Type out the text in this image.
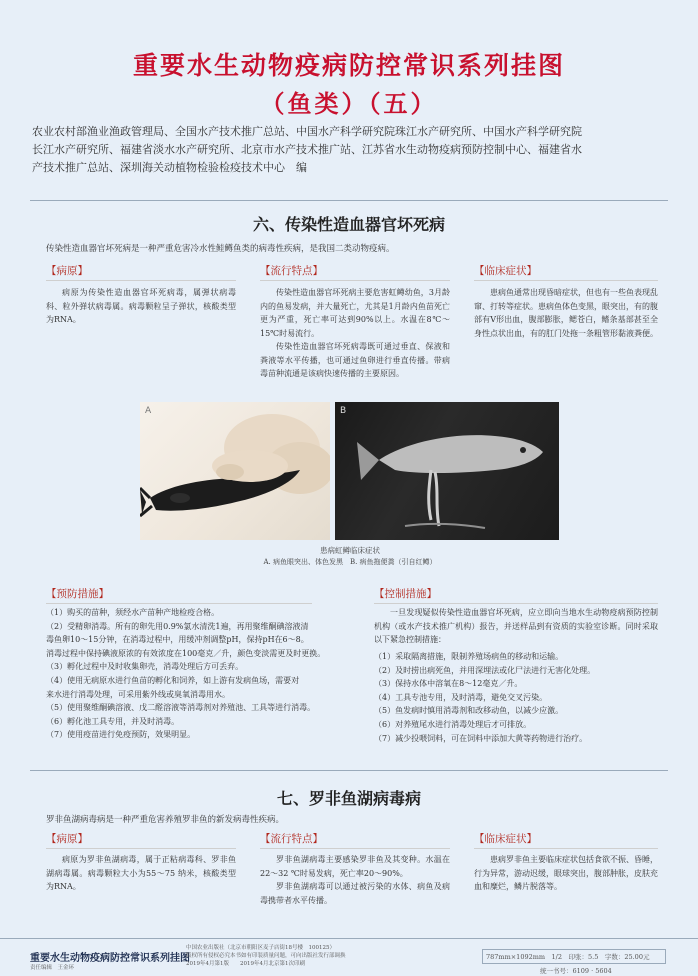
重要水生动物疫病防控常识系列挂图
（鱼类）（五）
农业农村部渔业渔政管理局、全国水产技术推广总站、中国水产科学研究院珠江水产研究所、中国水产科学研究院
长江水产研究所、福建省淡水水产研究所、北京市水产技术推广站、江苏省水生动物疫病预防控制中心、福建省水
产技术推广总站、深圳海关动植物检验检疫技术中心　编
六、传染性造血器官坏死病
传染性造血器官坏死病是一种严重危害冷水性鲑鳟鱼类的病毒性疾病，是我国二类动物疫病。
【病原】

病原为传染性造血器官坏死病毒，属弹状病毒科、粒外弹状病毒属。病毒颗粒呈子弹状，核酸类型为RNA。

【流行特点】

传染性造血器官坏死病主要危害虹鳟幼鱼，3月龄内的鱼易发病，并大量死亡，尤其是1月龄内鱼苗死亡更为严重，死亡率可达到90%以上。水温在8℃～15℃时易流行。

传染性造血器官坏死病毒既可通过垂直、保液和粪液等水平传播，也可通过鱼卵进行垂直传播。带病毒苗种流通是该病快速传播的主要原因。

【临床症状】

患病鱼通常出现昏暗症状，但也有一些鱼表现乱窜、打转等症状。患病鱼体色变黑，眼突出，有的腹部有V形出血，腹部膨胀，鳃苍白，鳍条基部甚至全身性点状出血，有的肛门处拖一条粗管形黏液粪便。

A	B
患病虹鳟临床症状
A. 病鱼眼突出、体色发黑　B. 病鱼拖便粪（引自红鳟）
【预防措施】
（1）购买的苗种，须经水产苗种产地检疫合格。
（2）受精卵消毒。所有的卵先用0.9%氯水清洗1遍，再用聚维酮碘溶液清
毒鱼卵10～15分钟，在消毒过程中，用缓冲剂调整pH，保持pH在6～8。
消毒过程中保持碘液原浓的有效浓度在100毫克／升，颜色变淡需更及时更换。
（3）孵化过程中及时收集卵壳，消毒处理后方可丢弃。
（4）使用无病原水进行鱼苗的孵化和饲养，如上游有发病鱼场，需要对
来水进行消毒处理，可采用紫外线或臭氧消毒用水。
（5）使用聚维酮碘溶液、戊二醛溶液等消毒剂对养殖池、工具等进行消毒。
（6）孵化池工具专用，并及时消毒。
（7）使用疫苗进行免疫预防，效果明显。
【控制措施】

一旦发现疑似传染性造血器官坏死病，应立即向当地水生动物疫病预防控制机构（或水产技术推广机构）报告，并送样品到有资质的实验室诊断。同时采取以下紧急控制措施：

（1）采取隔离措施，限制养殖场病鱼的移动和运输。
（2）及时捞出病死鱼，并用深埋法或化尸法进行无害化处理。
（3）保持水体中溶氧在8～12毫克／升。
（4）工具专池专用，及时消毒，避免交叉污染。
（5）鱼发病时慎用消毒剂和改移动鱼，以减少应激。
（6）对养殖尾水进行消毒处理后才可排放。
（7）减少投喂饲料，可在饲料中添加大黄等药物进行治疗。
七、罗非鱼湖病毒病
罗非鱼湖病毒病是一种严重危害养殖罗非鱼的新发病毒性疾病。
【病原】

病原为罗非鱼湖病毒，属于正粘病毒科、罗非鱼湖病毒属。病毒颗粒大小为55～75 纳米，核酸类型为RNA。

【流行特点】

罗非鱼湖病毒主要感染罗非鱼及其变种。水温在22～32 ℃时易发病，死亡率20～90%。

罗非鱼湖病毒可以通过被污染的水体、病鱼及病毒携带者水平传播。

【临床症状】

患病罗非鱼主要临床症状包括食欲不振、昏睡，行为异常，游动迟缓，眼球突出，腹部肿胀，皮肤充血和糜烂，鳞片脱落等。

重要水生动物疫病防控常识系列挂图
责任编辑　王金环
中国农业出版社（北京市朝阳区麦子店街18号楼　100125）
版权所有侵权必究本书如有印装质量问题，可向出版社发行部调换
2019年4月第1版　　2019年4月北京第1次印刷
787mm×1092mm　1/2　印张：5.5　字数：25.00元
统一书号：6109 · 5604
